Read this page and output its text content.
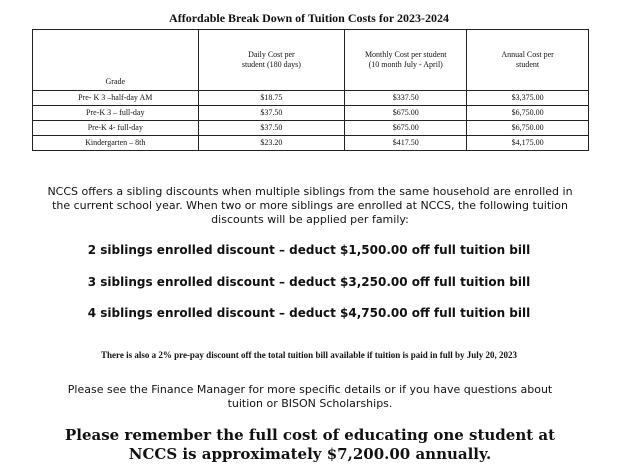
Affordable Break Down of Tuition Costs for 2023-2024
Grade	Daily Cost per student (180 days)	Monthly Cost per student (10 month July - April)	Annual Cost per student

Pre- K 3 –half-day AM	$18.75	$337.50	$3,375.00
Pre-K 3 – full-day	$37.50	$675.00	$6,750.00
Pre-K 4- full-day	$37.50	$675.00	$6,750.00
Kindergarten – 8th	$23.20	$417.50	$4,175.00
NCCS offers a sibling discounts when multiple siblings from the same household are enrolled in the current school year. When two or more siblings are enrolled at NCCS, the following tuition discounts will be applied per family:
2 siblings enrolled discount – deduct $1,500.00 off full tuition bill
3 siblings enrolled discount – deduct $3,250.00 off full tuition bill
4 siblings enrolled discount – deduct $4,750.00 off full tuition bill
There is also a 2% pre-pay discount off the total tuition bill available if tuition is paid in full by July 20, 2023
Please see the Finance Manager for more specific details or if you have questions about tuition or BISON Scholarships.
Please remember the full cost of educating one student at NCCS is approximately $7,200.00 annually.
